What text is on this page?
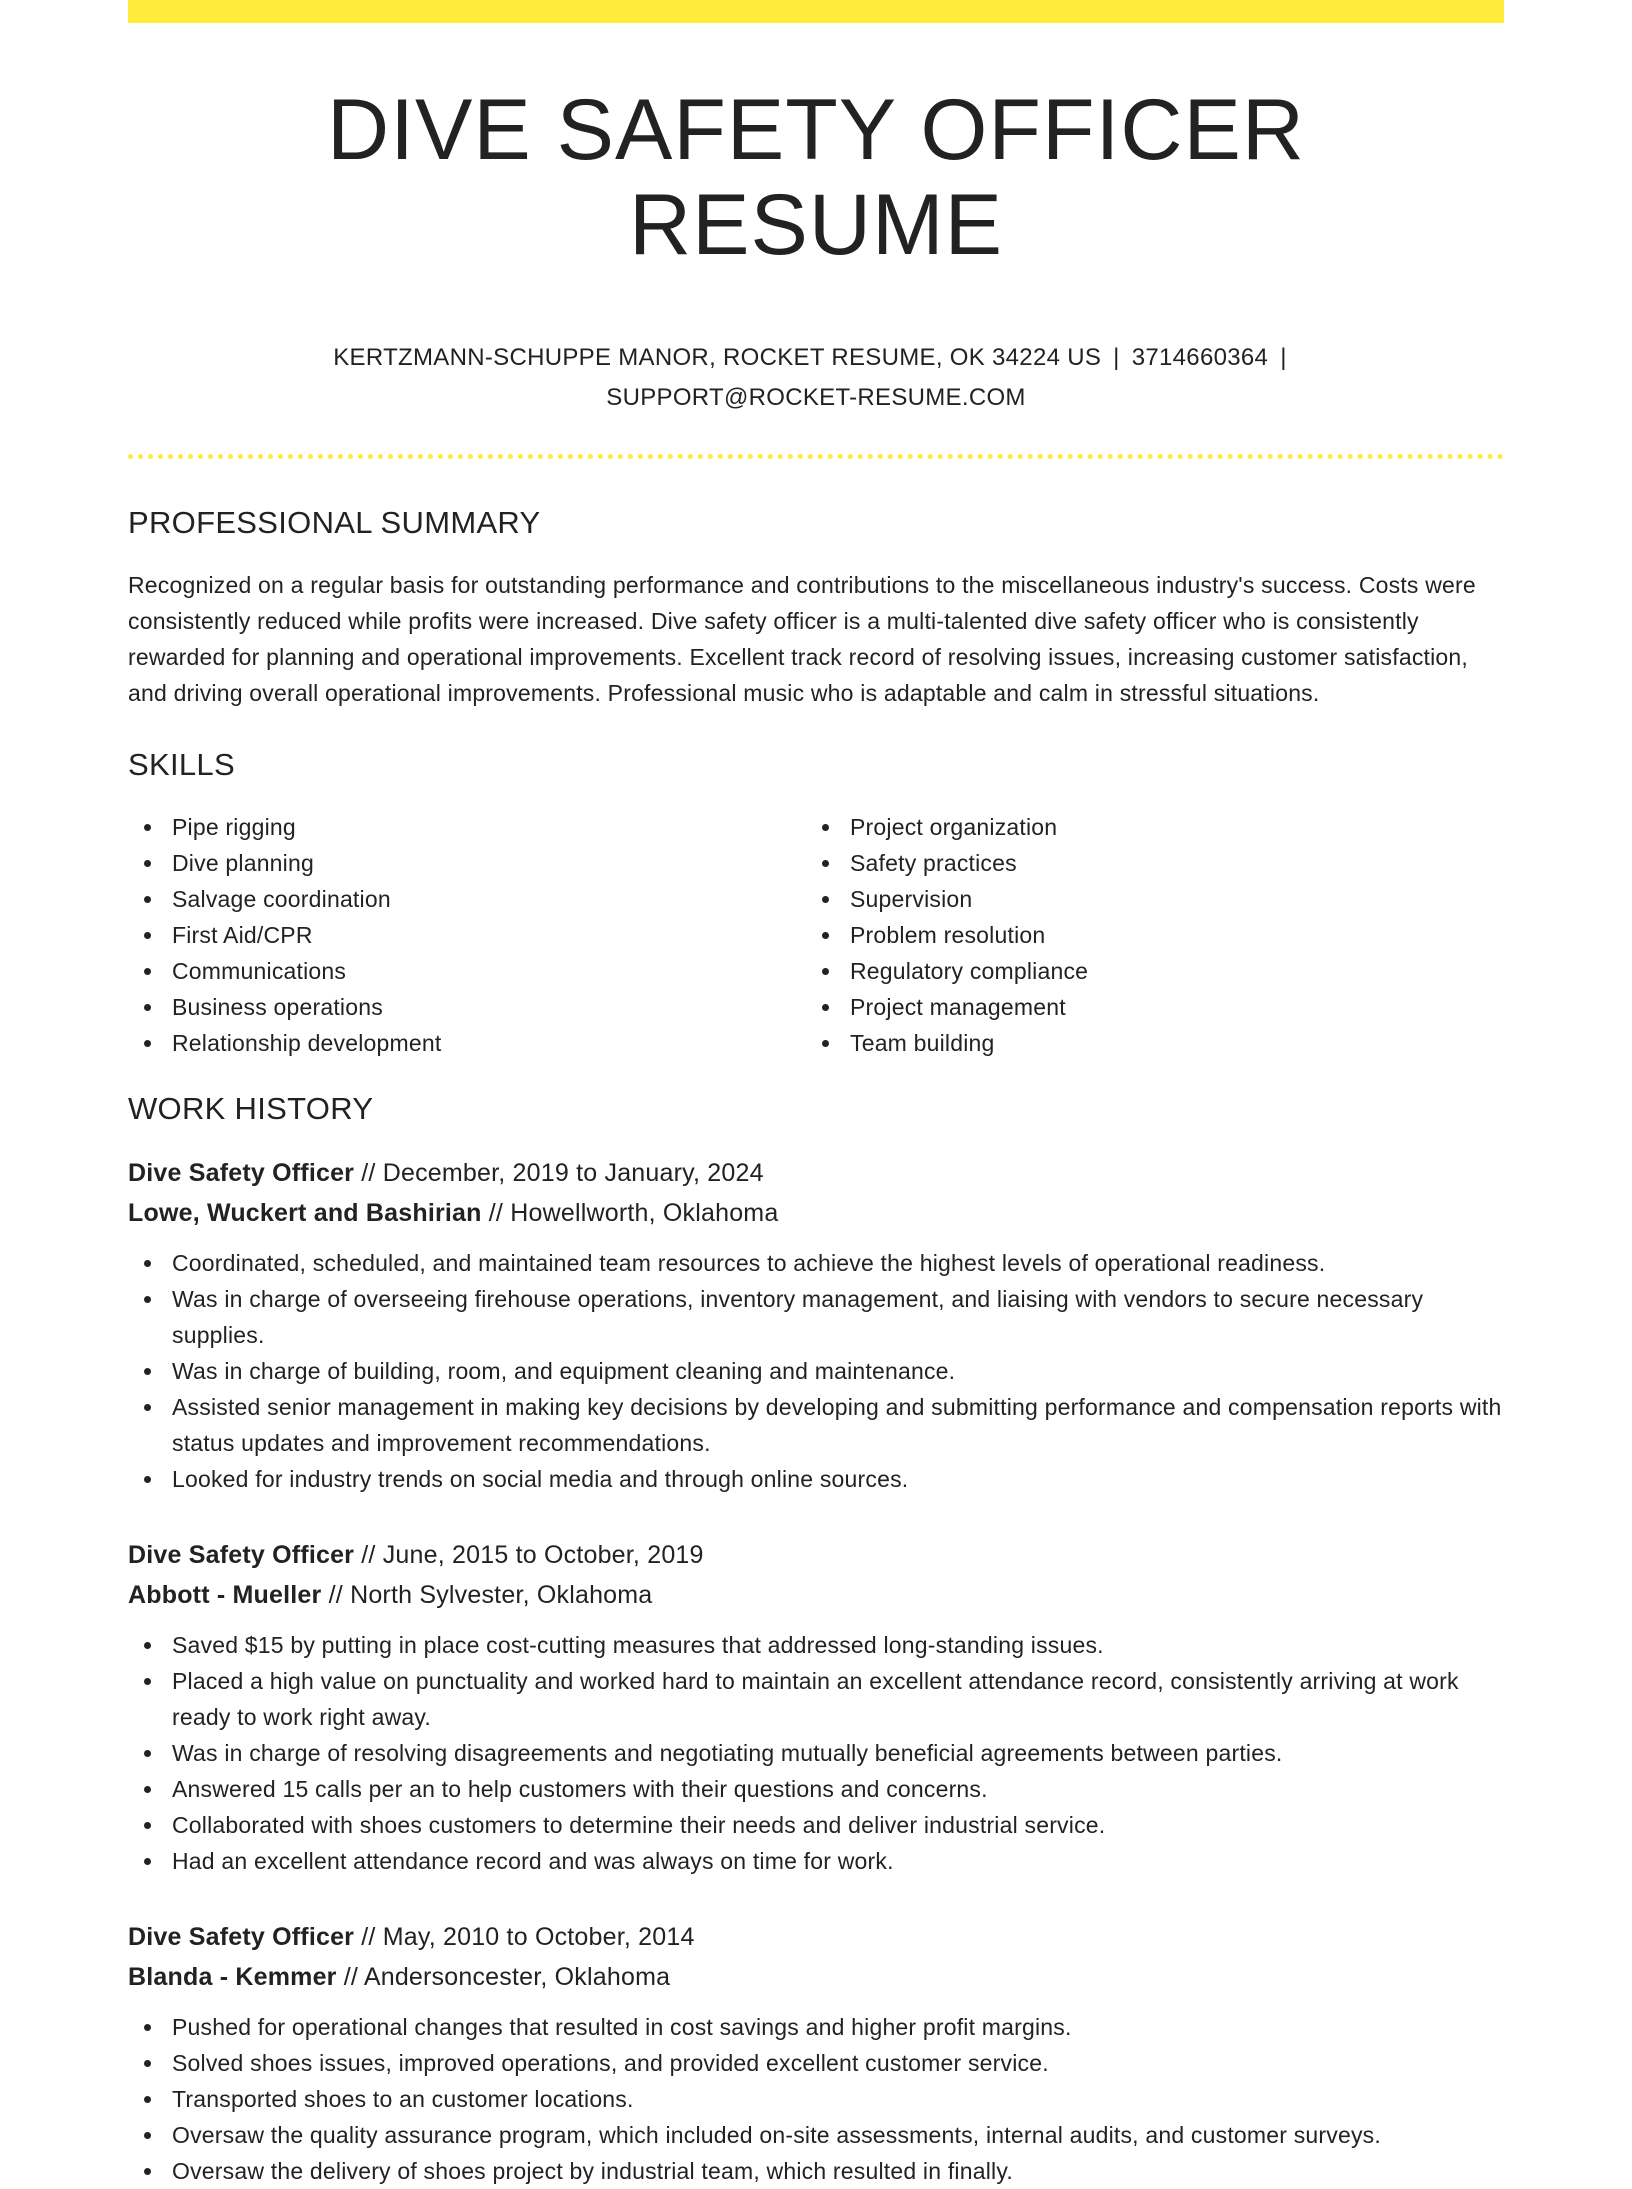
DIVE SAFETY OFFICER RESUME
KERTZMANN-SCHUPPE MANOR, ROCKET RESUME, OK 34224 US | 3714660364 |
SUPPORT@ROCKET-RESUME.COM
PROFESSIONAL SUMMARY
Recognized on a regular basis for outstanding performance and contributions to the miscellaneous industry's success. Costs were consistently reduced while profits were increased. Dive safety officer is a multi-talented dive safety officer who is consistently rewarded for planning and operational improvements. Excellent track record of resolving issues, increasing customer satisfaction, and driving overall operational improvements. Professional music who is adaptable and calm in stressful situations.
SKILLS
Pipe rigging
Dive planning
Salvage coordination
First Aid/CPR
Communications
Business operations
Relationship development
Project organization
Safety practices
Supervision
Problem resolution
Regulatory compliance
Project management
Team building
WORK HISTORY
Dive Safety Officer // December, 2019 to January, 2024
Lowe, Wuckert and Bashirian // Howellworth, Oklahoma
Coordinated, scheduled, and maintained team resources to achieve the highest levels of operational readiness.
Was in charge of overseeing firehouse operations, inventory management, and liaising with vendors to secure necessary supplies.
Was in charge of building, room, and equipment cleaning and maintenance.
Assisted senior management in making key decisions by developing and submitting performance and compensation reports with status updates and improvement recommendations.
Looked for industry trends on social media and through online sources.
Dive Safety Officer // June, 2015 to October, 2019
Abbott - Mueller // North Sylvester, Oklahoma
Saved $15 by putting in place cost-cutting measures that addressed long-standing issues.
Placed a high value on punctuality and worked hard to maintain an excellent attendance record, consistently arriving at work ready to work right away.
Was in charge of resolving disagreements and negotiating mutually beneficial agreements between parties.
Answered 15 calls per an to help customers with their questions and concerns.
Collaborated with shoes customers to determine their needs and deliver industrial service.
Had an excellent attendance record and was always on time for work.
Dive Safety Officer // May, 2010 to October, 2014
Blanda - Kemmer // Andersoncester, Oklahoma
Pushed for operational changes that resulted in cost savings and higher profit margins.
Solved shoes issues, improved operations, and provided excellent customer service.
Transported shoes to an customer locations.
Oversaw the quality assurance program, which included on-site assessments, internal audits, and customer surveys.
Oversaw the delivery of shoes project by industrial team, which resulted in finally.
